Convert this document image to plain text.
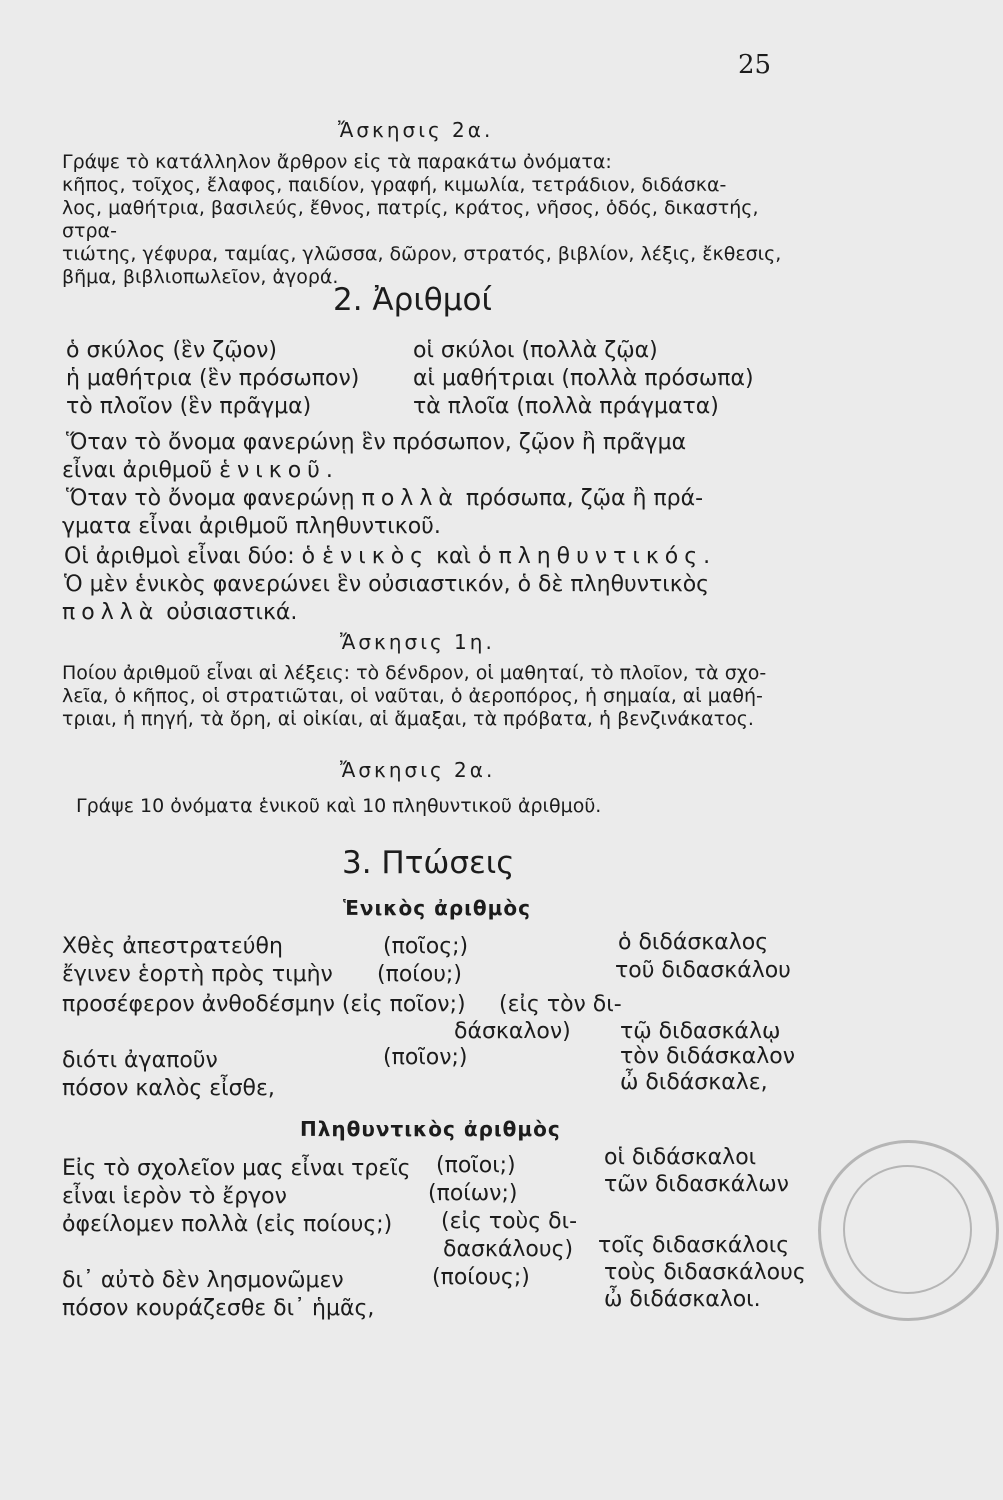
25
Ἄσκησις 2α.
Γράψε τὸ κατάλληλον ἄρθρον εἰς τὰ παρακάτω ὀνόματα:
κῆπος, τοῖχος, ἔλαφος, παιδίον, γραφή, κιμωλία, τετράδιον, διδάσκα-
λος, μαθήτρια, βασιλεύς, ἔθνος, πατρίς, κράτος, νῆσος, ὁδός, δικαστής, στρα-
τιώτης, γέφυρα, ταμίας, γλῶσσα, δῶρον, στρατός, βιβλίον, λέξις, ἔκθεσις,
βῆμα, βιβλιοπωλεῖον, ἀγορά.
2. Ἀριθμοί
ὁ σκύλος (ἓν ζῷον)	οἱ σκύλοι (πολλὰ ζῷα)
ἡ μαθήτρια (ἓν πρόσωπον) αἱ μαθήτριαι (πολλὰ πρόσωπα)
τὸ πλοῖον (ἓν πρᾶγμα)	τὰ πλοῖα (πολλὰ πράγματα)
Ὅταν τὸ ὄνομα φανερώνῃ ἓν πρόσωπον, ζῷον ἢ πρᾶγμα
εἶναι ἀριθμοῦ ἑνικοῦ.
Ὅταν τὸ ὄνομα φανερώνῃ πολλὰ πρόσωπα, ζῷα ἢ πρά-
γματα εἶναι ἀριθμοῦ πληθυντικοῦ.
Οἱ ἀριθμοὶ εἶναι δύο: ὁ ἑνικὸς καὶ ὁ πληθυντικός.
Ὁ μὲν ἑνικὸς φανερώνει ἓν οὐσιαστικόν, ὁ δὲ πληθυντικὸς
πολλὰ οὐσιαστικά.
Ἄσκησις 1η.
Ποίου ἀριθμοῦ εἶναι αἱ λέξεις: τὸ δένδρον, οἱ μαθηταί, τὸ πλοῖον, τὰ σχο-
λεῖα, ὁ κῆπος, οἱ στρατιῶται, οἱ ναῦται, ὁ ἀεροπόρος, ἡ σημαία, αἱ μαθή-
τριαι, ἡ πηγή, τὰ ὄρη, αἱ οἰκίαι, αἱ ἅμαξαι, τὰ πρόβατα, ἡ βενζινάκατος.
Ἄσκησις 2α.
Γράψε 10 ὀνόματα ἑνικοῦ καὶ 10 πληθυντικοῦ ἀριθμοῦ.
3. Πτώσεις
Ἑνικὸς ἀριθμὸς
Χθὲς ἀπεστρατεύθη	(ποῖος;)	ὁ διδάσκαλος
ἔγινεν ἑορτὴ πρὸς τιμὴν (ποίου;)	τοῦ διδασκάλου
προσέφερον ἀνθοδέσμην (εἰς ποῖον;) (εἰς τὸν δι-
δάσκαλον) τῷ διδασκάλῳ
διότι ἀγαποῦν	(ποῖον;)	τὸν διδάσκαλον
πόσον καλὸς εἶσθε,	ὦ διδάσκαλε,
Πληθυντικὸς ἀριθμὸς
Εἰς τὸ σχολεῖον μας εἶναι τρεῖς (ποῖοι;)	οἱ διδάσκαλοι
εἶναι ἱερὸν τὸ ἔργον	(ποίων;)	τῶν διδασκάλων
ὀφείλομεν πολλὰ (εἰς ποίους;) (εἰς τοὺς δι-
δασκάλους) τοῖς διδασκάλοις
δι᾿ αὐτὸ δὲν λησμονῶμεν	(ποίους;)	τοὺς διδασκάλους
πόσον κουράζεσθε δι᾿ ἡμᾶς,	ὦ διδάσκαλοι.
